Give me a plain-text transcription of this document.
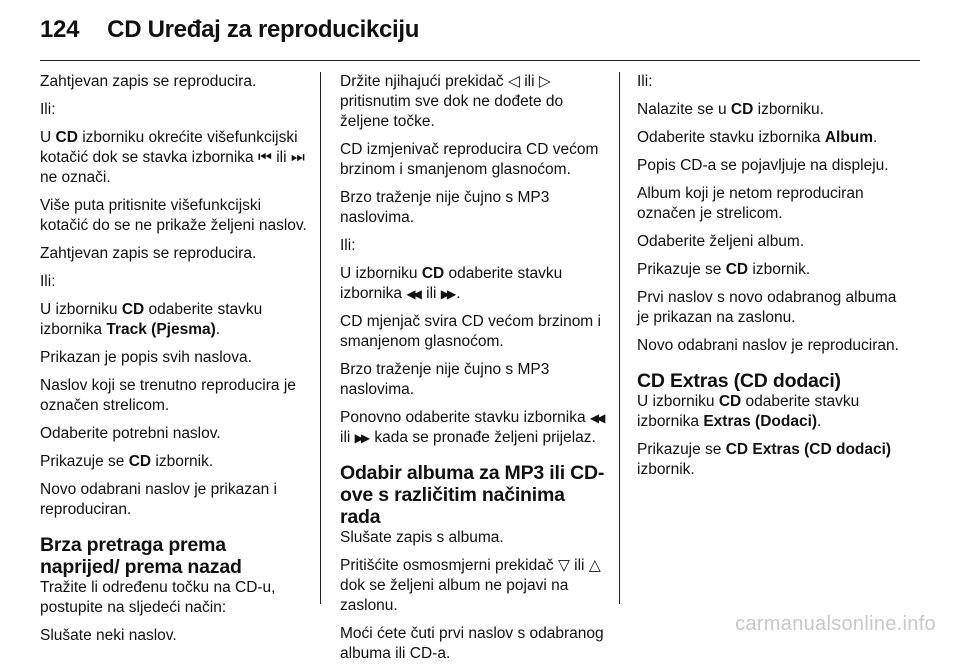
124 CD Uređaj za reproducikciju

Zahtjevan zapis se reproducira.

Ili:

U CD izborniku okrećite višefunkcijski kotačić dok se stavka izbornika ⏮ ili ⏭ ne označi.

Više puta pritisnite višefunkcijski kotačić do se ne prikaže željeni naslov.

Zahtjevan zapis se reproducira.

Ili:

U izborniku CD odaberite stavku izbornika Track (Pjesma).

Prikazan je popis svih naslova.

Naslov koji se trenutno reproducira je označen strelicom.

Odaberite potrebni naslov.

Prikazuje se CD izbornik.

Novo odabrani naslov je prikazan i reproduciran.

Brza pretraga prema naprijed/ prema nazad

Tražite li određenu točku na CD-u, postupite na sljedeći način:

Slušate neki naslov.

Držite njihajući prekidač ◁ ili ▷ pritisnutim sve dok ne dođete do željene točke.

CD izmjenivač reproducira CD većom brzinom i smanjenom glasnoćom.

Brzo traženje nije čujno s MP3 naslovima.

Ili:

U izborniku CD odaberite stavku izbornika ◀◀ ili ▶▶ .

CD mjenjač svira CD većom brzinom i smanjenom glasnoćom.

Brzo traženje nije čujno s MP3 naslovima.

Ponovno odaberite stavku izbornika ◀◀ ili ▶▶ kada se pronađe željeni prijelaz.

Odabir albuma za MP3 ili CD-ove s različitim načinima rada

Slušate zapis s albuma.

Pritišćite osmosmjerni prekidač ▽ ili △ dok se željeni album ne pojavi na zaslonu.

Moći ćete čuti prvi naslov s odabranog albuma ili CD-a.

Ili:

Nalazite se u CD izborniku.

Odaberite stavku izbornika Album.

Popis CD-a se pojavljuje na displeju.

Album koji je netom reproduciran označen je strelicom.

Odaberite željeni album.

Prikazuje se CD izbornik.

Prvi naslov s novo odabranog albuma je prikazan na zaslonu.

Novo odabrani naslov je reproduciran.

CD Extras (CD dodaci)

U izborniku CD odaberite stavku izbornika Extras (Dodaci).

Prikazuje se CD Extras (CD dodaci) izbornik.

carmanualsonline.info
